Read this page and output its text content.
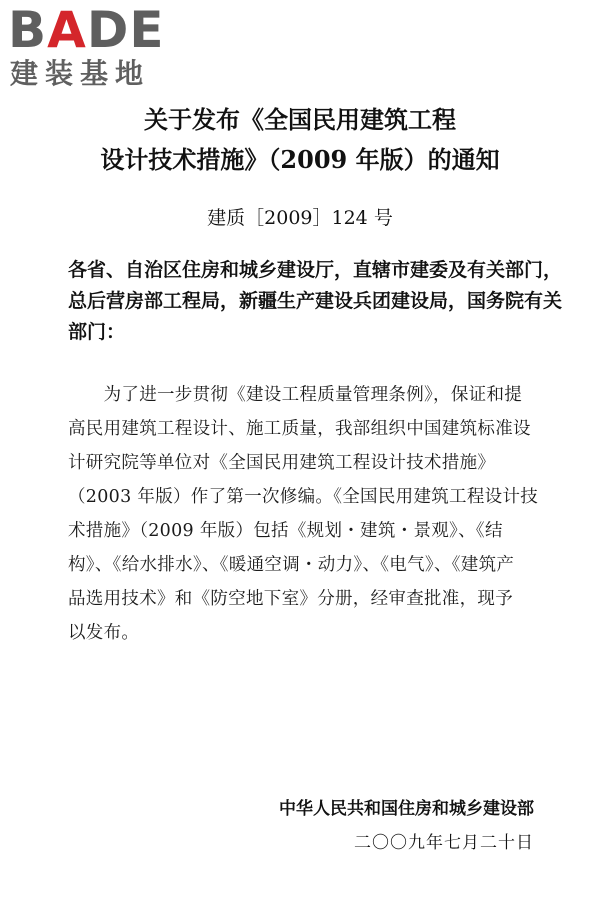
BADE
建装基地
关于发布《全国民用建筑工程
设计技术措施》（2009 年版）的通知
建质［2009］124 号
各省、自治区住房和城乡建设厅，直辖市建委及有关部门，
总后营房部工程局，新疆生产建设兵团建设局，国务院有关
部门：
　　为了进一步贯彻《建设工程质量管理条例》，保证和提
高民用建筑工程设计、施工质量，我部组织中国建筑标准设
计研究院等单位对《全国民用建筑工程设计技术措施》
（2003 年版）作了第一次修编。《全国民用建筑工程设计技
术措施》（2009 年版）包括《规划・建筑・景观》、《结
构》、《给水排水》、《暖通空调・动力》、《电气》、《建筑产
品选用技术》和《防空地下室》分册，经审查批准，现予
以发布。
中华人民共和国住房和城乡建设部
二〇〇九年七月二十日
